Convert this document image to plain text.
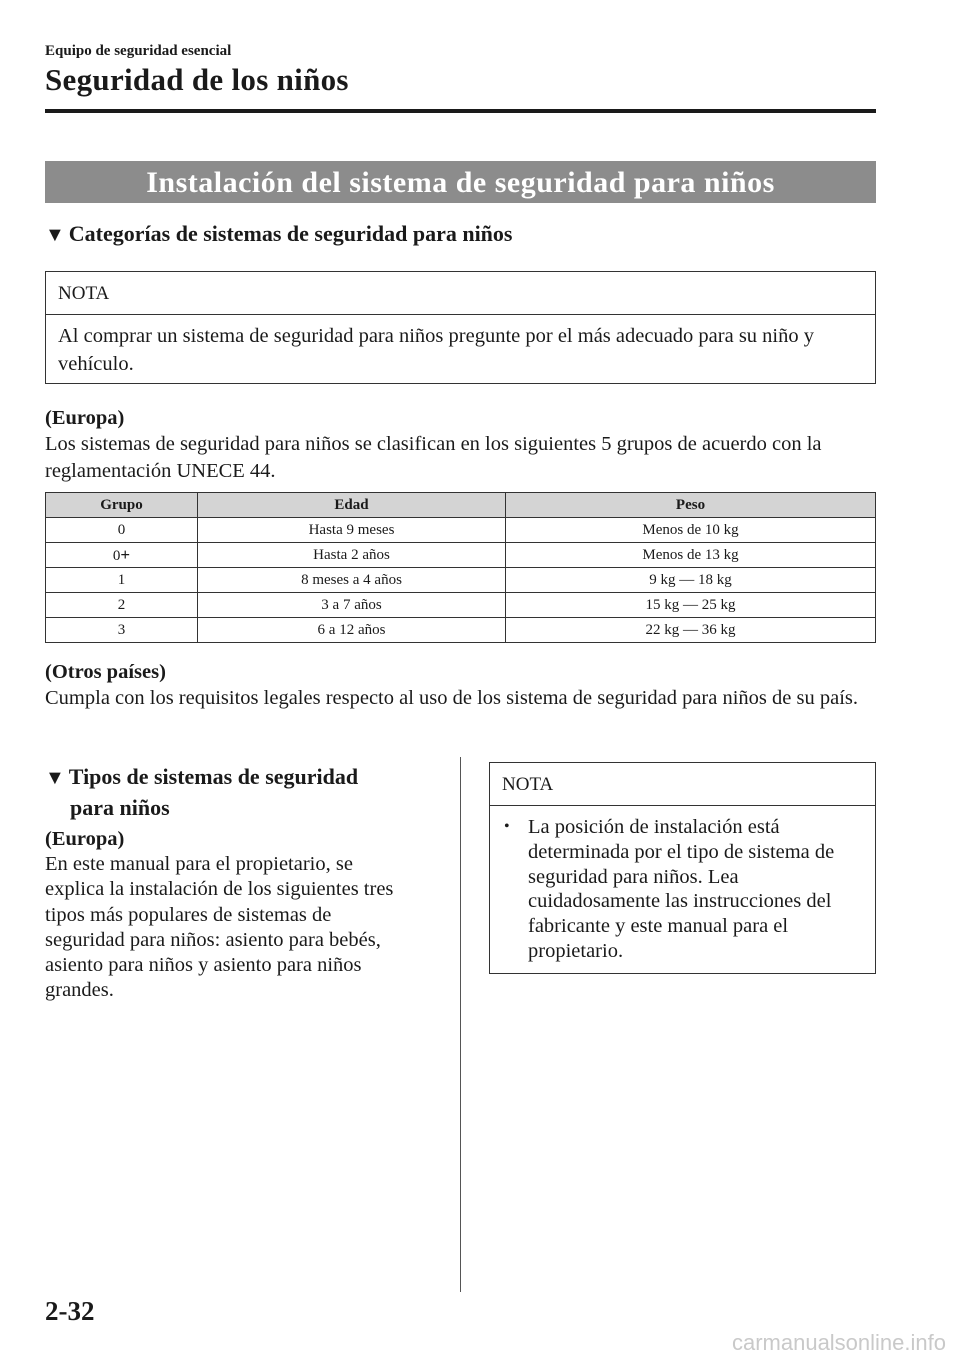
Equipo de seguridad esencial
Seguridad de los niños
Instalación del sistema de seguridad para niños
▼ Categorías de sistemas de seguridad para niños
NOTA
Al comprar un sistema de seguridad para niños pregunte por el más adecuado para su niño y vehículo.
(Europa)
Los sistemas de seguridad para niños se clasifican en los siguientes 5 grupos de acuerdo con la reglamentación UNECE 44.
Grupo	Edad	Peso
0	Hasta 9 meses	Menos de 10 kg
0+	Hasta 2 años	Menos de 13 kg
1	8 meses a 4 años	9 kg — 18 kg
2	3 a 7 años	15 kg — 25 kg
3	6 a 12 años	22 kg — 36 kg
(Otros países)
Cumpla con los requisitos legales respecto al uso de los sistema de seguridad para niños de su país.
▼ Tipos de sistemas de seguridad
para niños
(Europa)
En este manual para el propietario, se
explica la instalación de los siguientes tres
tipos más populares de sistemas de
seguridad para niños: asiento para bebés,
asiento para niños y asiento para niños
grandes.
NOTA
• La posición de instalación está
determinada por el tipo de sistema de
seguridad para niños. Lea
cuidadosamente las instrucciones del
fabricante y este manual para el
propietario.
2-32
carmanualsonline.info
